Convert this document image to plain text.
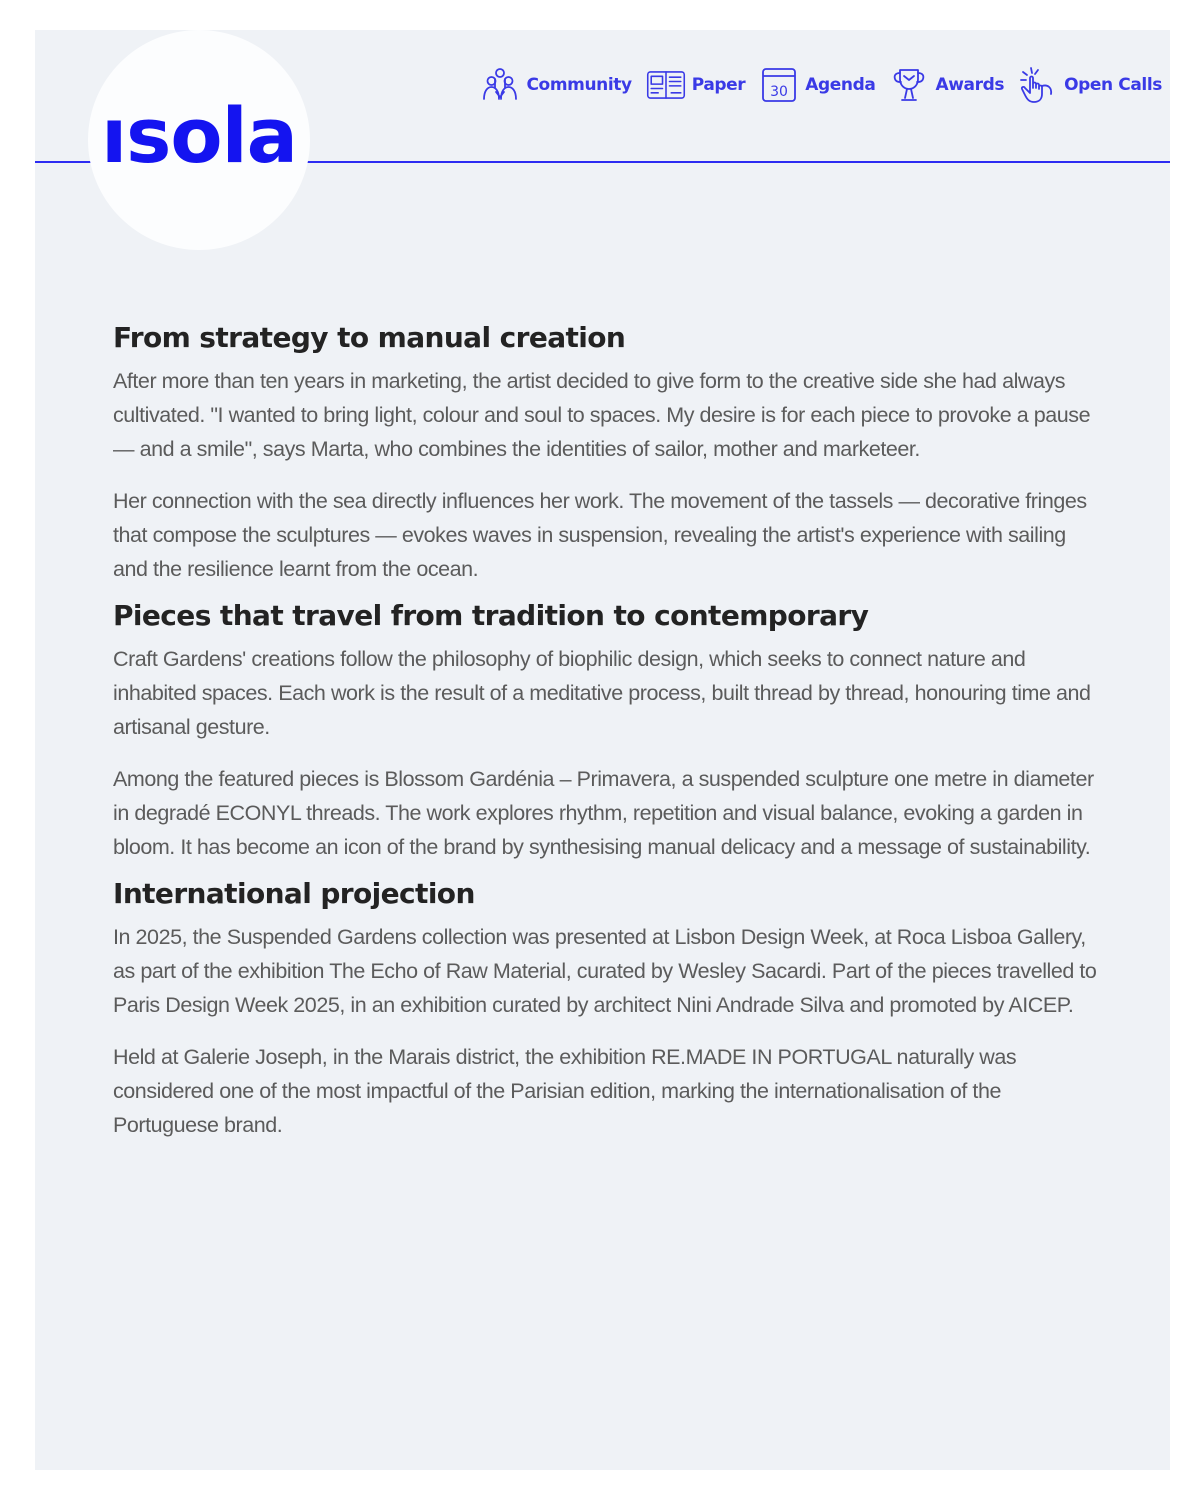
ısola
Community	Paper 30 Agenda	Awards	Open Calls
From strategy to manual creation

After more than ten years in marketing, the artist decided to give form to the creative side she had always cultivated. "I wanted to bring light, colour and soul to spaces. My desire is for each piece to provoke a pause — and a smile", says Marta, who combines the identities of sailor, mother and marketeer.

Her connection with the sea directly influences her work. The movement of the tassels — decorative fringes that compose the sculptures — evokes waves in suspension, revealing the artist's experience with sailing and the resilience learnt from the ocean.

Pieces that travel from tradition to contemporary

Craft Gardens' creations follow the philosophy of biophilic design, which seeks to connect nature and inhabited spaces. Each work is the result of a meditative process, built thread by thread, honouring time and artisanal gesture.

Among the featured pieces is Blossom Gardénia – Primavera, a suspended sculpture one metre in diameter in degradé ECONYL threads. The work explores rhythm, repetition and visual balance, evoking a garden in bloom. It has become an icon of the brand by synthesising manual delicacy and a message of sustainability.

International projection

In 2025, the Suspended Gardens collection was presented at Lisbon Design Week, at Roca Lisboa Gallery, as part of the exhibition The Echo of Raw Material, curated by Wesley Sacardi. Part of the pieces travelled to Paris Design Week 2025, in an exhibition curated by architect Nini Andrade Silva and promoted by AICEP.

Held at Galerie Joseph, in the Marais district, the exhibition RE.MADE IN PORTUGAL naturally was considered one of the most impactful of the Parisian edition, marking the internationalisation of the Portuguese brand.
